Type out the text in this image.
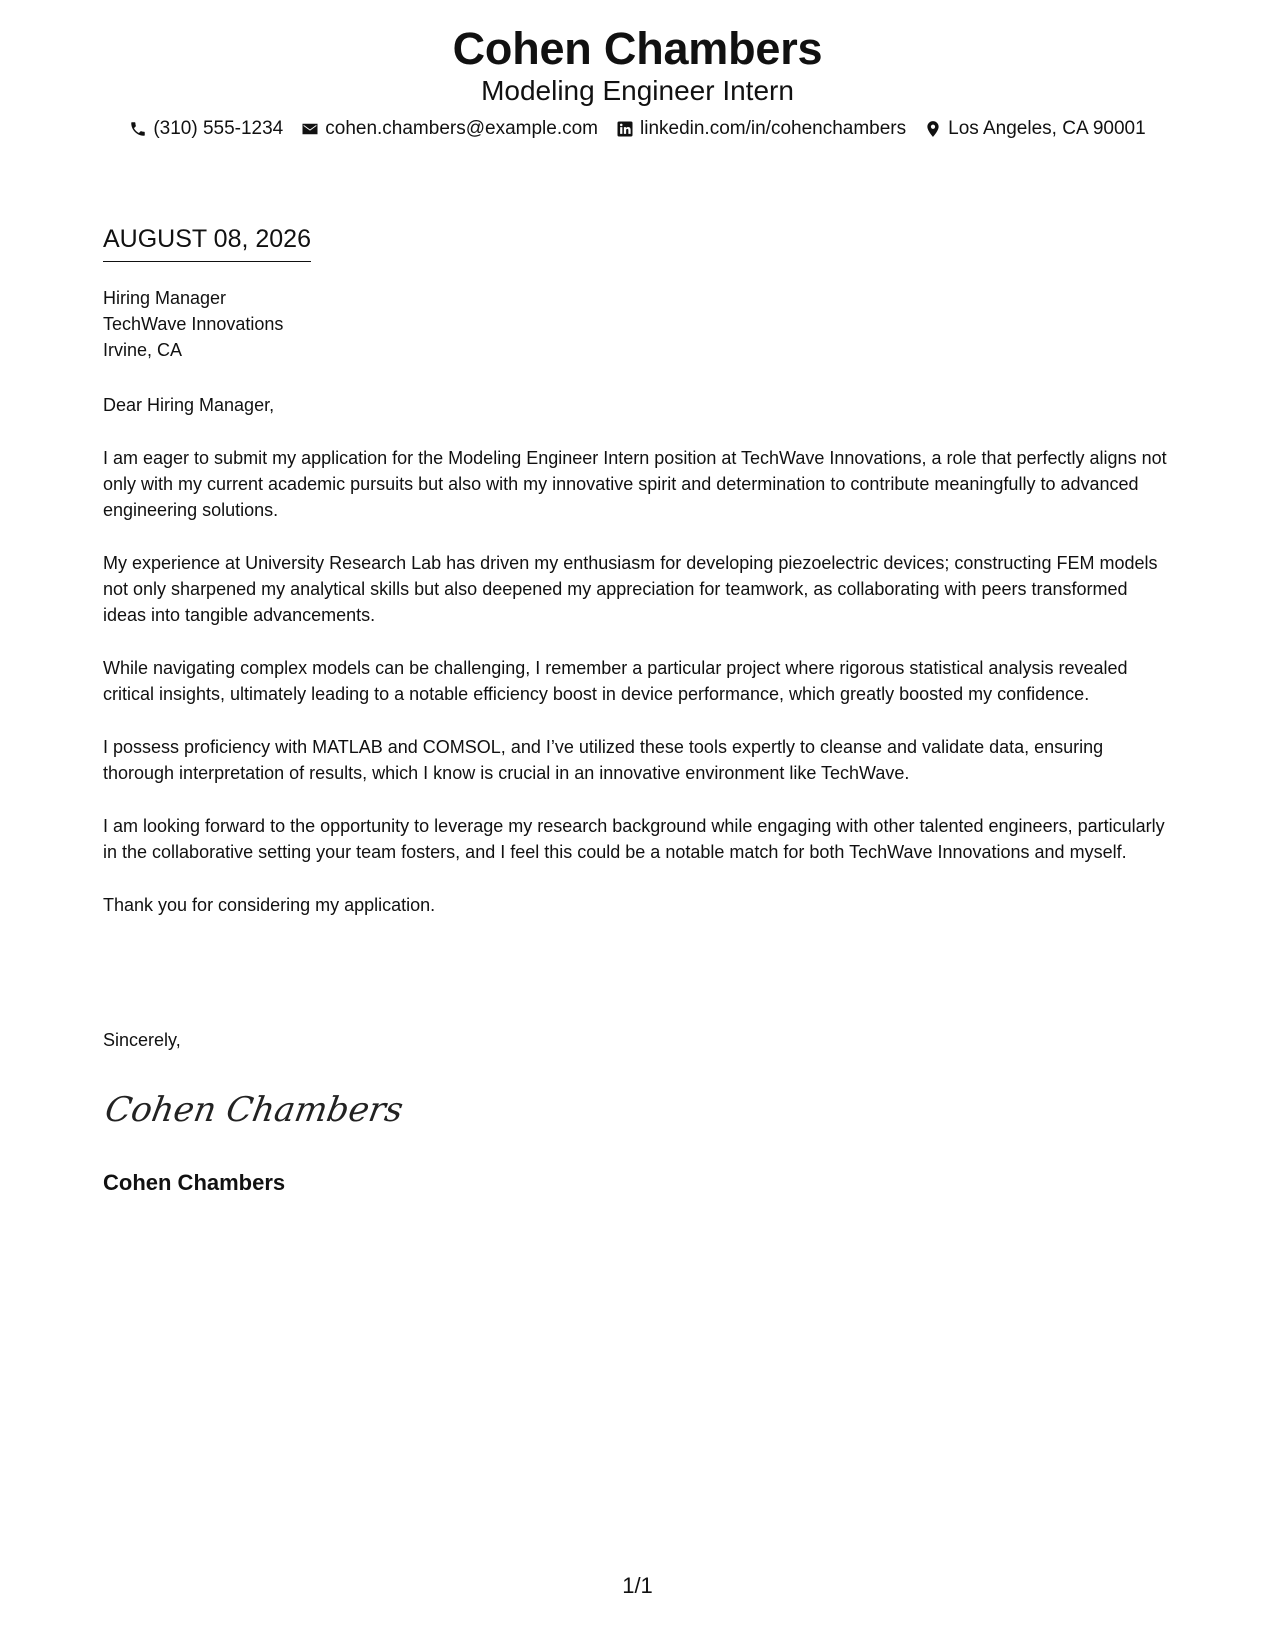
Cohen Chambers
Modeling Engineer Intern
(310) 555-1234 cohen.chambers@example.com linkedin.com/in/cohenchambers Los Angeles, CA 90001
AUGUST 08, 2026
Hiring Manager
TechWave Innovations
Irvine, CA

Dear Hiring Manager,

I am eager to submit my application for the Modeling Engineer Intern position at TechWave Innovations, a role that perfectly aligns not only with my current academic pursuits but also with my innovative spirit and determination to contribute meaningfully to advanced engineering solutions.

My experience at University Research Lab has driven my enthusiasm for developing piezoelectric devices; constructing FEM models not only sharpened my analytical skills but also deepened my appreciation for teamwork, as collaborating with peers transformed ideas into tangible advancements.

While navigating complex models can be challenging, I remember a particular project where rigorous statistical analysis revealed critical insights, ultimately leading to a notable efficiency boost in device performance, which greatly boosted my confidence.

I possess proficiency with MATLAB and COMSOL, and I’ve utilized these tools expertly to cleanse and validate data, ensuring thorough interpretation of results, which I know is crucial in an innovative environment like TechWave.

I am looking forward to the opportunity to leverage my research background while engaging with other talented engineers, particularly in the collaborative setting your team fosters, and I feel this could be a notable match for both TechWave Innovations and myself.

Thank you for considering my application.

Sincerely,
Cohen Chambers
Cohen Chambers
1/1
